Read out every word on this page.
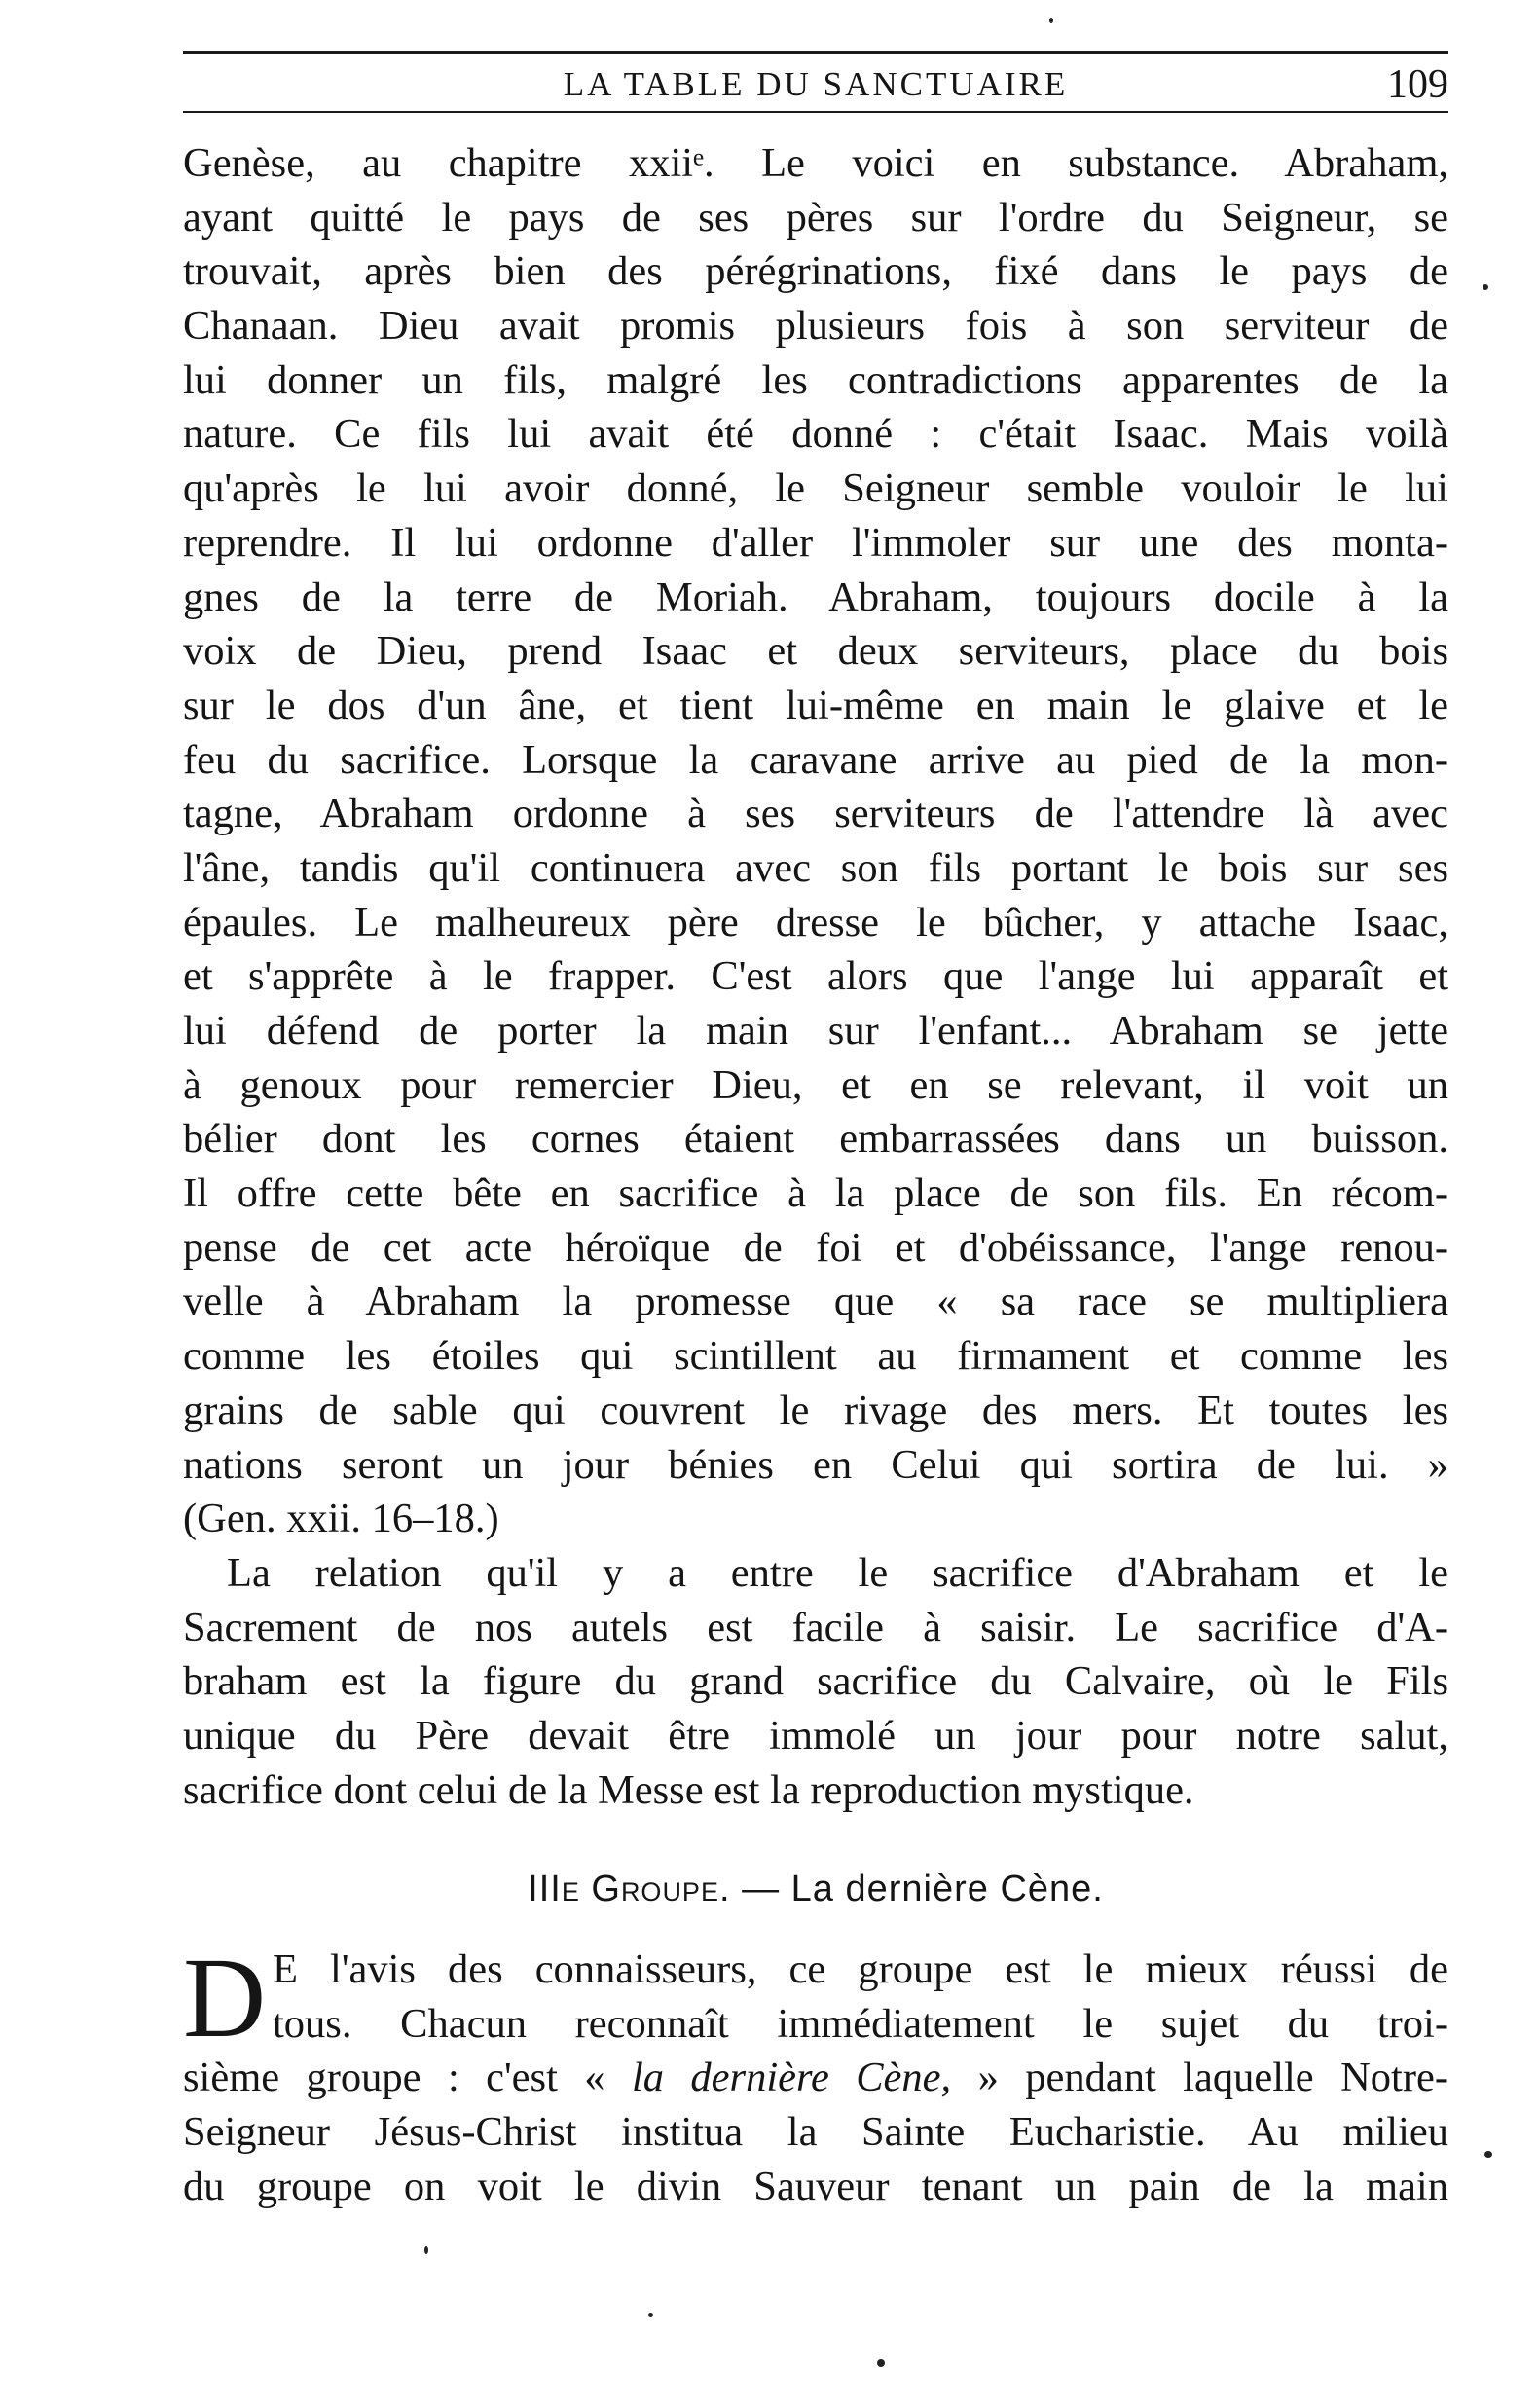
LA TABLE DU SANCTUAIRE	109
Genèse, au chapitre xxiiᵉ. Le voici en substance. Abraham,
ayant quitté le pays de ses pères sur l'ordre du Seigneur, se
trouvait, après bien des pérégrinations, fixé dans le pays de
Chanaan. Dieu avait promis plusieurs fois à son serviteur de
lui donner un fils, malgré les contradictions apparentes de la
nature. Ce fils lui avait été donné : c'était Isaac. Mais voilà
qu'après le lui avoir donné, le Seigneur semble vouloir le lui
reprendre. Il lui ordonne d'aller l'immoler sur une des monta-
gnes de la terre de Moriah. Abraham, toujours docile à la
voix de Dieu, prend Isaac et deux serviteurs, place du bois
sur le dos d'un âne, et tient lui-même en main le glaive et le
feu du sacrifice. Lorsque la caravane arrive au pied de la mon-
tagne, Abraham ordonne à ses serviteurs de l'attendre là avec
l'âne, tandis qu'il continuera avec son fils portant le bois sur ses
épaules. Le malheureux père dresse le bûcher, y attache Isaac,
et s'apprête à le frapper. C'est alors que l'ange lui apparaît et
lui défend de porter la main sur l'enfant... Abraham se jette
à genoux pour remercier Dieu, et en se relevant, il voit un
bélier dont les cornes étaient embarrassées dans un buisson.
Il offre cette bête en sacrifice à la place de son fils. En récom-
pense de cet acte héroïque de foi et d'obéissance, l'ange renou-
velle à Abraham la promesse que « sa race se multipliera
comme les étoiles qui scintillent au firmament et comme les
grains de sable qui couvrent le rivage des mers. Et toutes les
nations seront un jour bénies en Celui qui sortira de lui. »
(Gen. xxii. 16–18.)
La relation qu'il y a entre le sacrifice d'Abraham et le
Sacrement de nos autels est facile à saisir. Le sacrifice d'A-
braham est la figure du grand sacrifice du Calvaire, où le Fils
unique du Père devait être immolé un jour pour notre salut,
sacrifice dont celui de la Messe est la reproduction mystique.
IIIe Groupe. — La dernière Cène.
D E l'avis des connaisseurs, ce groupe est le mieux réussi de
tous. Chacun reconnaît immédiatement le sujet du troi-
sième groupe : c'est « la dernière Cène, » pendant laquelle Notre-
Seigneur Jésus-Christ institua la Sainte Eucharistie. Au milieu
du groupe on voit le divin Sauveur tenant un pain de la main
